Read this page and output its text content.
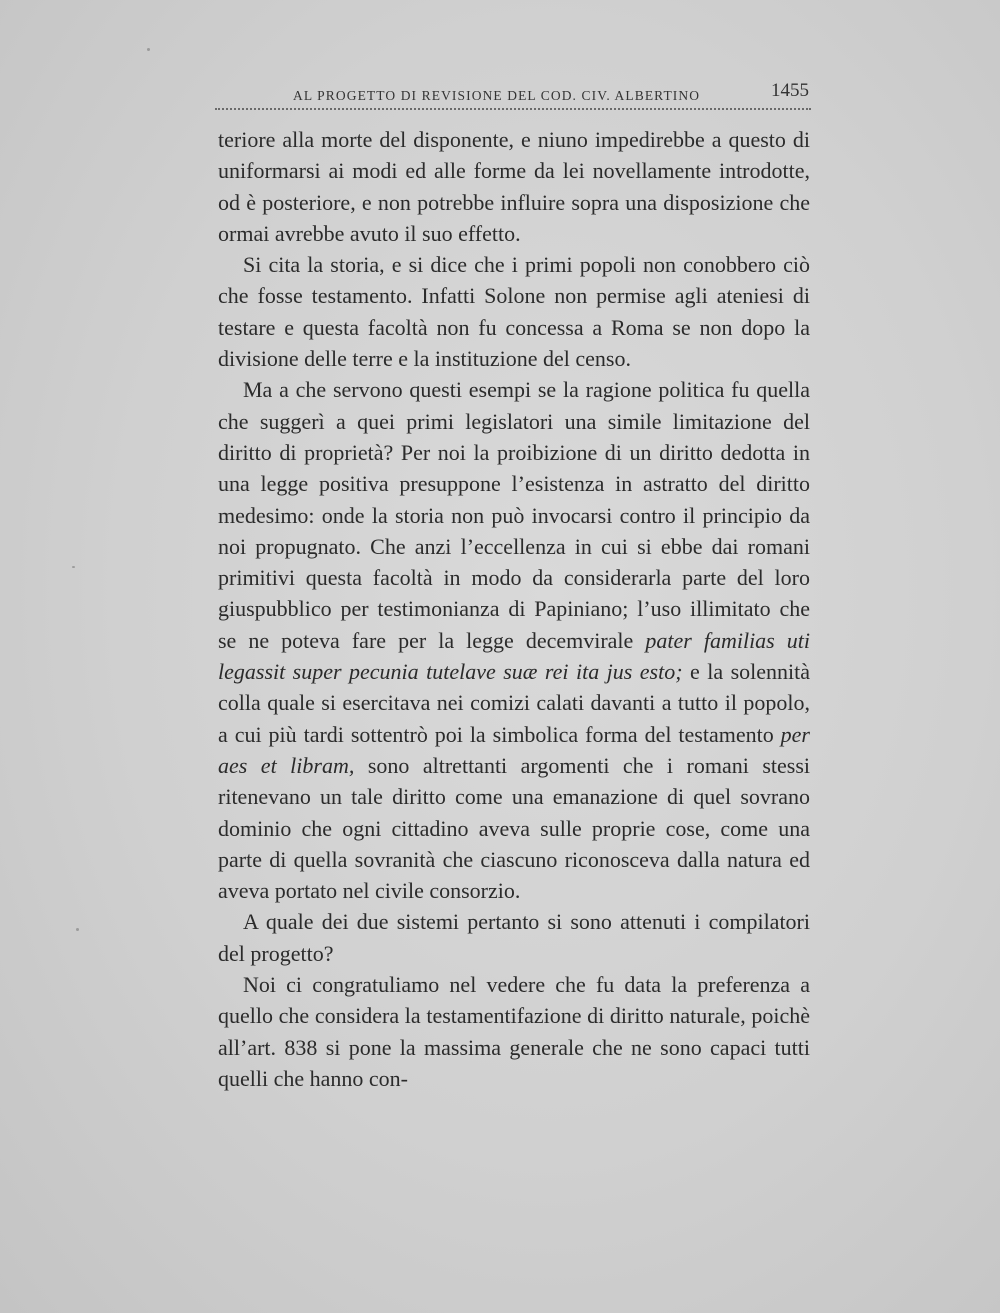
AL PROGETTO DI REVISIONE DEL COD. CIV. ALBERTINO	1455

teriore alla morte del disponente, e niuno impedirebbe a questo di uniformarsi ai modi ed alle forme da lei novellamente introdotte, od è posteriore, e non potrebbe influire sopra una disposizione che ormai avrebbe avuto il suo effetto.

Si cita la storia, e si dice che i primi popoli non conobbero ciò che fosse testamento. Infatti Solone non permise agli ateniesi di testare e questa facoltà non fu concessa a Roma se non dopo la divisione delle terre e la instituzione del censo.

Ma a che servono questi esempi se la ragione politica fu quella che suggerì a quei primi legislatori una simile limitazione del diritto di proprietà? Per noi la proibizione di un diritto dedotta in una legge positiva presuppone l’esistenza in astratto del diritto medesimo: onde la storia non può invocarsi contro il principio da noi propugnato. Che anzi l’eccellenza in cui si ebbe dai romani primitivi questa facoltà in modo da considerarla parte del loro giuspubblico per testimonianza di Papiniano; l’uso illimitato che se ne poteva fare per la legge decemvirale pater familias uti legassit super pecunia tutelave suæ rei ita jus esto; e la solennità colla quale si esercitava nei comizi calati davanti a tutto il popolo, a cui più tardi sottentrò poi la simbolica forma del testamento per aes et libram, sono altrettanti argomenti che i romani stessi ritenevano un tale diritto come una emanazione di quel sovrano dominio che ogni cittadino aveva sulle proprie cose, come una parte di quella sovranità che ciascuno riconosceva dalla natura ed aveva portato nel civile consorzio.

A quale dei due sistemi pertanto si sono attenuti i compilatori del progetto?

Noi ci congratuliamo nel vedere che fu data la preferenza a quello che considera la testamentifazione di diritto naturale, poichè all’art. 838 si pone la massima generale che ne sono capaci tutti quelli che hanno con-
